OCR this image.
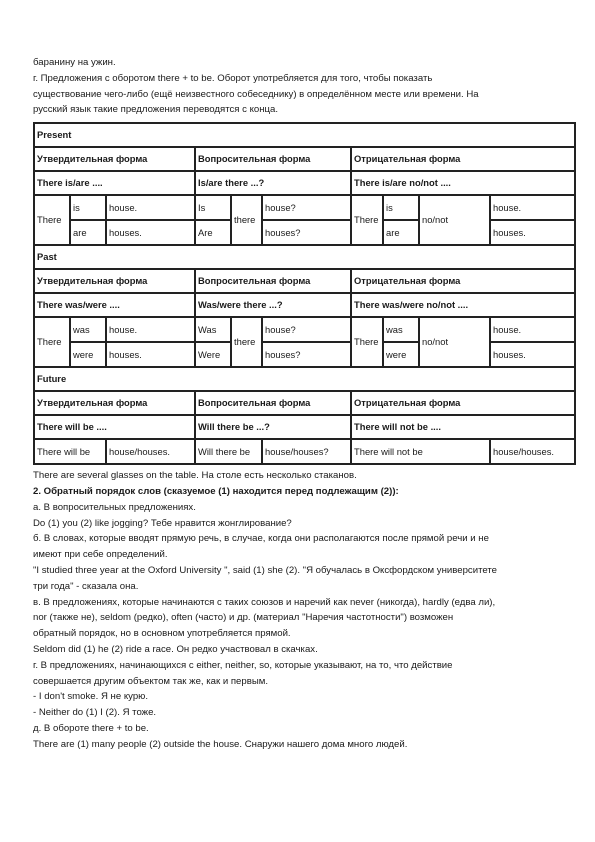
баранину на ужин.

г. Предложения с оборотом there + to be. Оборот употребляется для того, чтобы показать

существование чего-либо (ещё неизвестного собеседнику) в определённом месте или времени. На

русский язык такие предложения переводятся с конца.

Present									
Утвердительная форма			Вопросительная форма			Отрицательная форма			
There is/are ....			Is/are there ...?			There is/are no/not ....			
There	is	house.	Is	there	house?	There	is	no/not	house.
	are	houses.	Are		houses?		are		houses.
Past									
Утвердительная форма			Вопросительная форма			Отрицательная форма			
There was/were ....			Was/were there ...?			There was/were no/not ....			
There	was	house.	Was	there	house?	There	was	no/not	house.
	were	houses.	Were		houses?		were		houses.
Future									
Утвердительная форма			Вопросительная форма			Отрицательная форма			
There will be ....			Will there be ...?			There will not be ....			
There will be		house/houses.	Will there be		house/houses?	There will not be			house/houses.

There are several glasses on the table. На столе есть несколько стаканов.

2. Обратный порядок слов (сказуемое (1) находится перед подлежащим (2)):

а. В вопросительных предложениях.

Do (1) you (2) like jogging? Тебе нравится жонглирование?

б. В словах, которые вводят прямую речь, в случае, когда они располагаются после прямой речи и не

имеют при себе определений.

"I studied three year at the Oxford University ", said (1) she (2). "Я обучалась в Оксфордском университете

три года" - сказала она.

в. В предложениях, которые начинаются с таких союзов и наречий как never (никогда), hardly (едва ли),

nor (также не), seldom (редко), often (часто) и др. (материал "Наречия частотности") возможен

обратный порядок, но в основном употребляется прямой.

Seldom did (1) he (2) ride a race. Он редко участвовал в скачках.

г. В предложениях, начинающихся с either, neither, so, которые указывают, на то, что действие

совершается другим объектом так же, как и первым.

- I don't smoke. Я не курю.

- Neither do (1) I (2). Я тоже.

д. В обороте there + to be.

There are (1) many people (2) outside the house. Снаружи нашего дома много людей.
